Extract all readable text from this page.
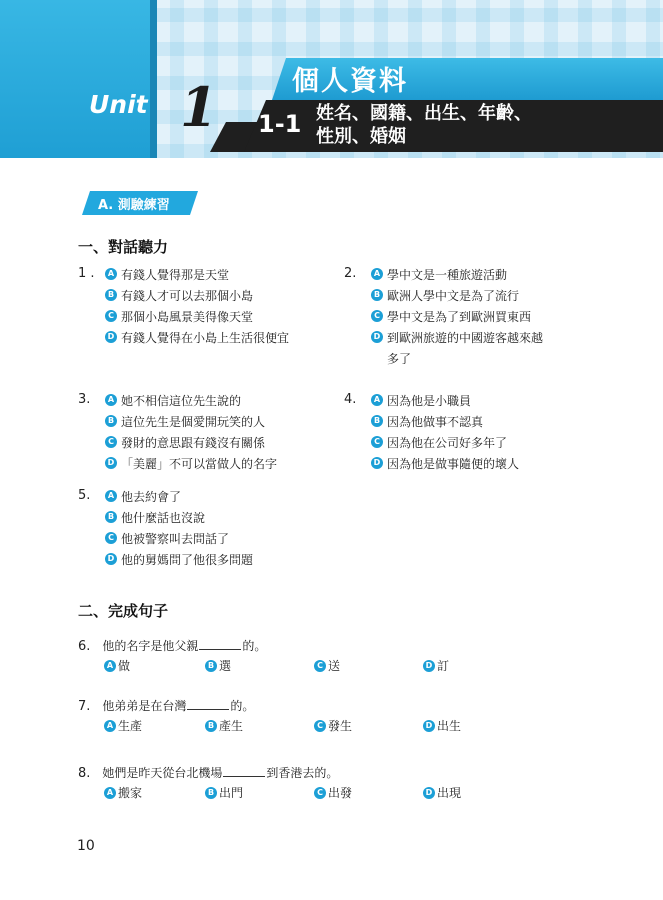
Unit 1	個人資料
1-1 姓名、國籍、出生、年齡、
性別、婚姻
A. 測驗練習
一、對話聽力
1 .	A 有錢人覺得那是天堂
B 有錢人才可以去那個小島
C 那個小島風景美得像天堂
D 有錢人覺得在小島上生活很便宜
2.	A 學中文是一種旅遊活動
B 歐洲人學中文是為了流行
C 學中文是為了到歐洲買東西
D 到歐洲旅遊的中國遊客越來越
多了
3.	A 她不相信這位先生說的
B 這位先生是個愛開玩笑的人
C 發財的意思跟有錢沒有關係
D 「美麗」不可以當做人的名字
4.	A 因為他是小職員
B 因為他做事不認真
C 因為他在公司好多年了
D 因為他是做事隨便的壞人
5.	A 他去約會了
B 他什麼話也沒說
C 他被警察叫去問話了
D 他的舅媽問了他很多問題
二、完成句子
6. 他的名字是他父親	的。
A 做	B 選	C 送	D 訂
7. 他弟弟是在台灣	的。
A 生產	B 產生	C 發生	D 出生
8. 她們是昨天從台北機場	到香港去的。
A 搬家	B 出門	C 出發	D 出現
10
